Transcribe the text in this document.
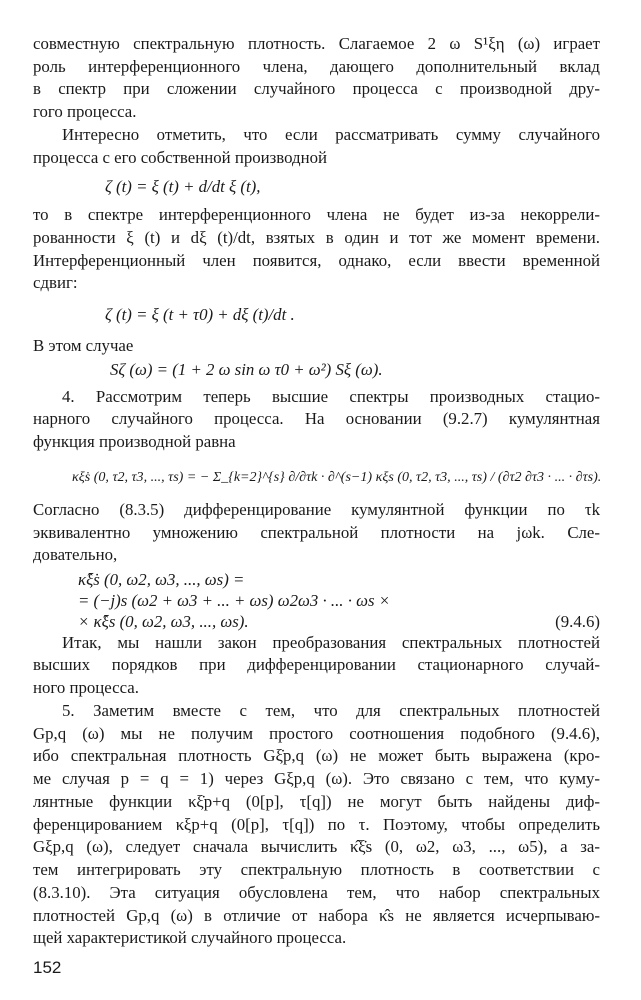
152
совместную спектральную плотность. Слагаемое 2 ω S¹ξη (ω) играет
роль интерференционного члена, дающего дополнительный вклад
в спектр при сложении случайного процесса с производной дру-
гого процесса.
Интересно отметить, что если рассматривать сумму случайного
процесса с его собственной производной
ζ (t) = ξ (t) + d/dt ξ (t),
то в спектре интерференционного члена не будет из-за некоррели-
рованности ξ (t) и dξ (t)/dt, взятых в один и тот же момент времени.
Интерференционный член появится, однако, если ввести временной
сдвиг:
ζ (t) = ξ (t + τ0) + dξ (t)/dt .
В этом случае
Sζ (ω) = (1 + 2 ω sin ω τ0 + ω²) Sξ (ω).
4. Рассмотрим теперь высшие спектры производных стацио-
нарного случайного процесса. На основании (9.2.7) кумулянтная
функция производной равна
κξ̇s (0, τ2, τ3, ..., τs) = − Σ_{k=2}^{s} ∂/∂τk · ∂^(s−1) κξs (0, τ2, τ3, ..., τs) / (∂τ2 ∂τ3 · ... · ∂τs).
Согласно (8.3.5) дифференцирование кумулянтной функции по τk
эквивалентно умножению спектральной плотности на jωk. Сле-
довательно,
κ̂ξ̇s (0, ω2, ω3, ..., ωs) =
= (−j)s (ω2 + ω3 + ... + ωs) ω2ω3 · ... · ωs ×
× κ̂ξs (0, ω2, ω3, ..., ωs).	(9.4.6)
Итак, мы нашли закон преобразования спектральных плотностей
высших порядков при дифференцировании стационарного случай-
ного процесса.
5. Заметим вместе с тем, что для спектральных плотностей
Gp,q (ω) мы не получим простого соотношения подобного (9.4.6),
ибо спектральная плотность Gξ̇p,q (ω) не может быть выражена (кро-
ме случая p = q = 1) через Gξp,q (ω). Это связано с тем, что куму-
лянтные функции κξ̇p+q (0[p], τ[q]) не могут быть найдены диф-
ференцированием κξp+q (0[p], τ[q]) по τ. Поэтому, чтобы определить
Gξp,q (ω), следует сначала вычислить κ̂ξ̇s (0, ω2, ω3, ..., ω5), а за-
тем интегрировать эту спектральную плотность в соответствии с
(8.3.10). Эта ситуация обусловлена тем, что набор спектральных
плотностей Gp,q (ω) в отличие от набора κ̂s не является исчерпываю-
щей характеристикой случайного процесса.
